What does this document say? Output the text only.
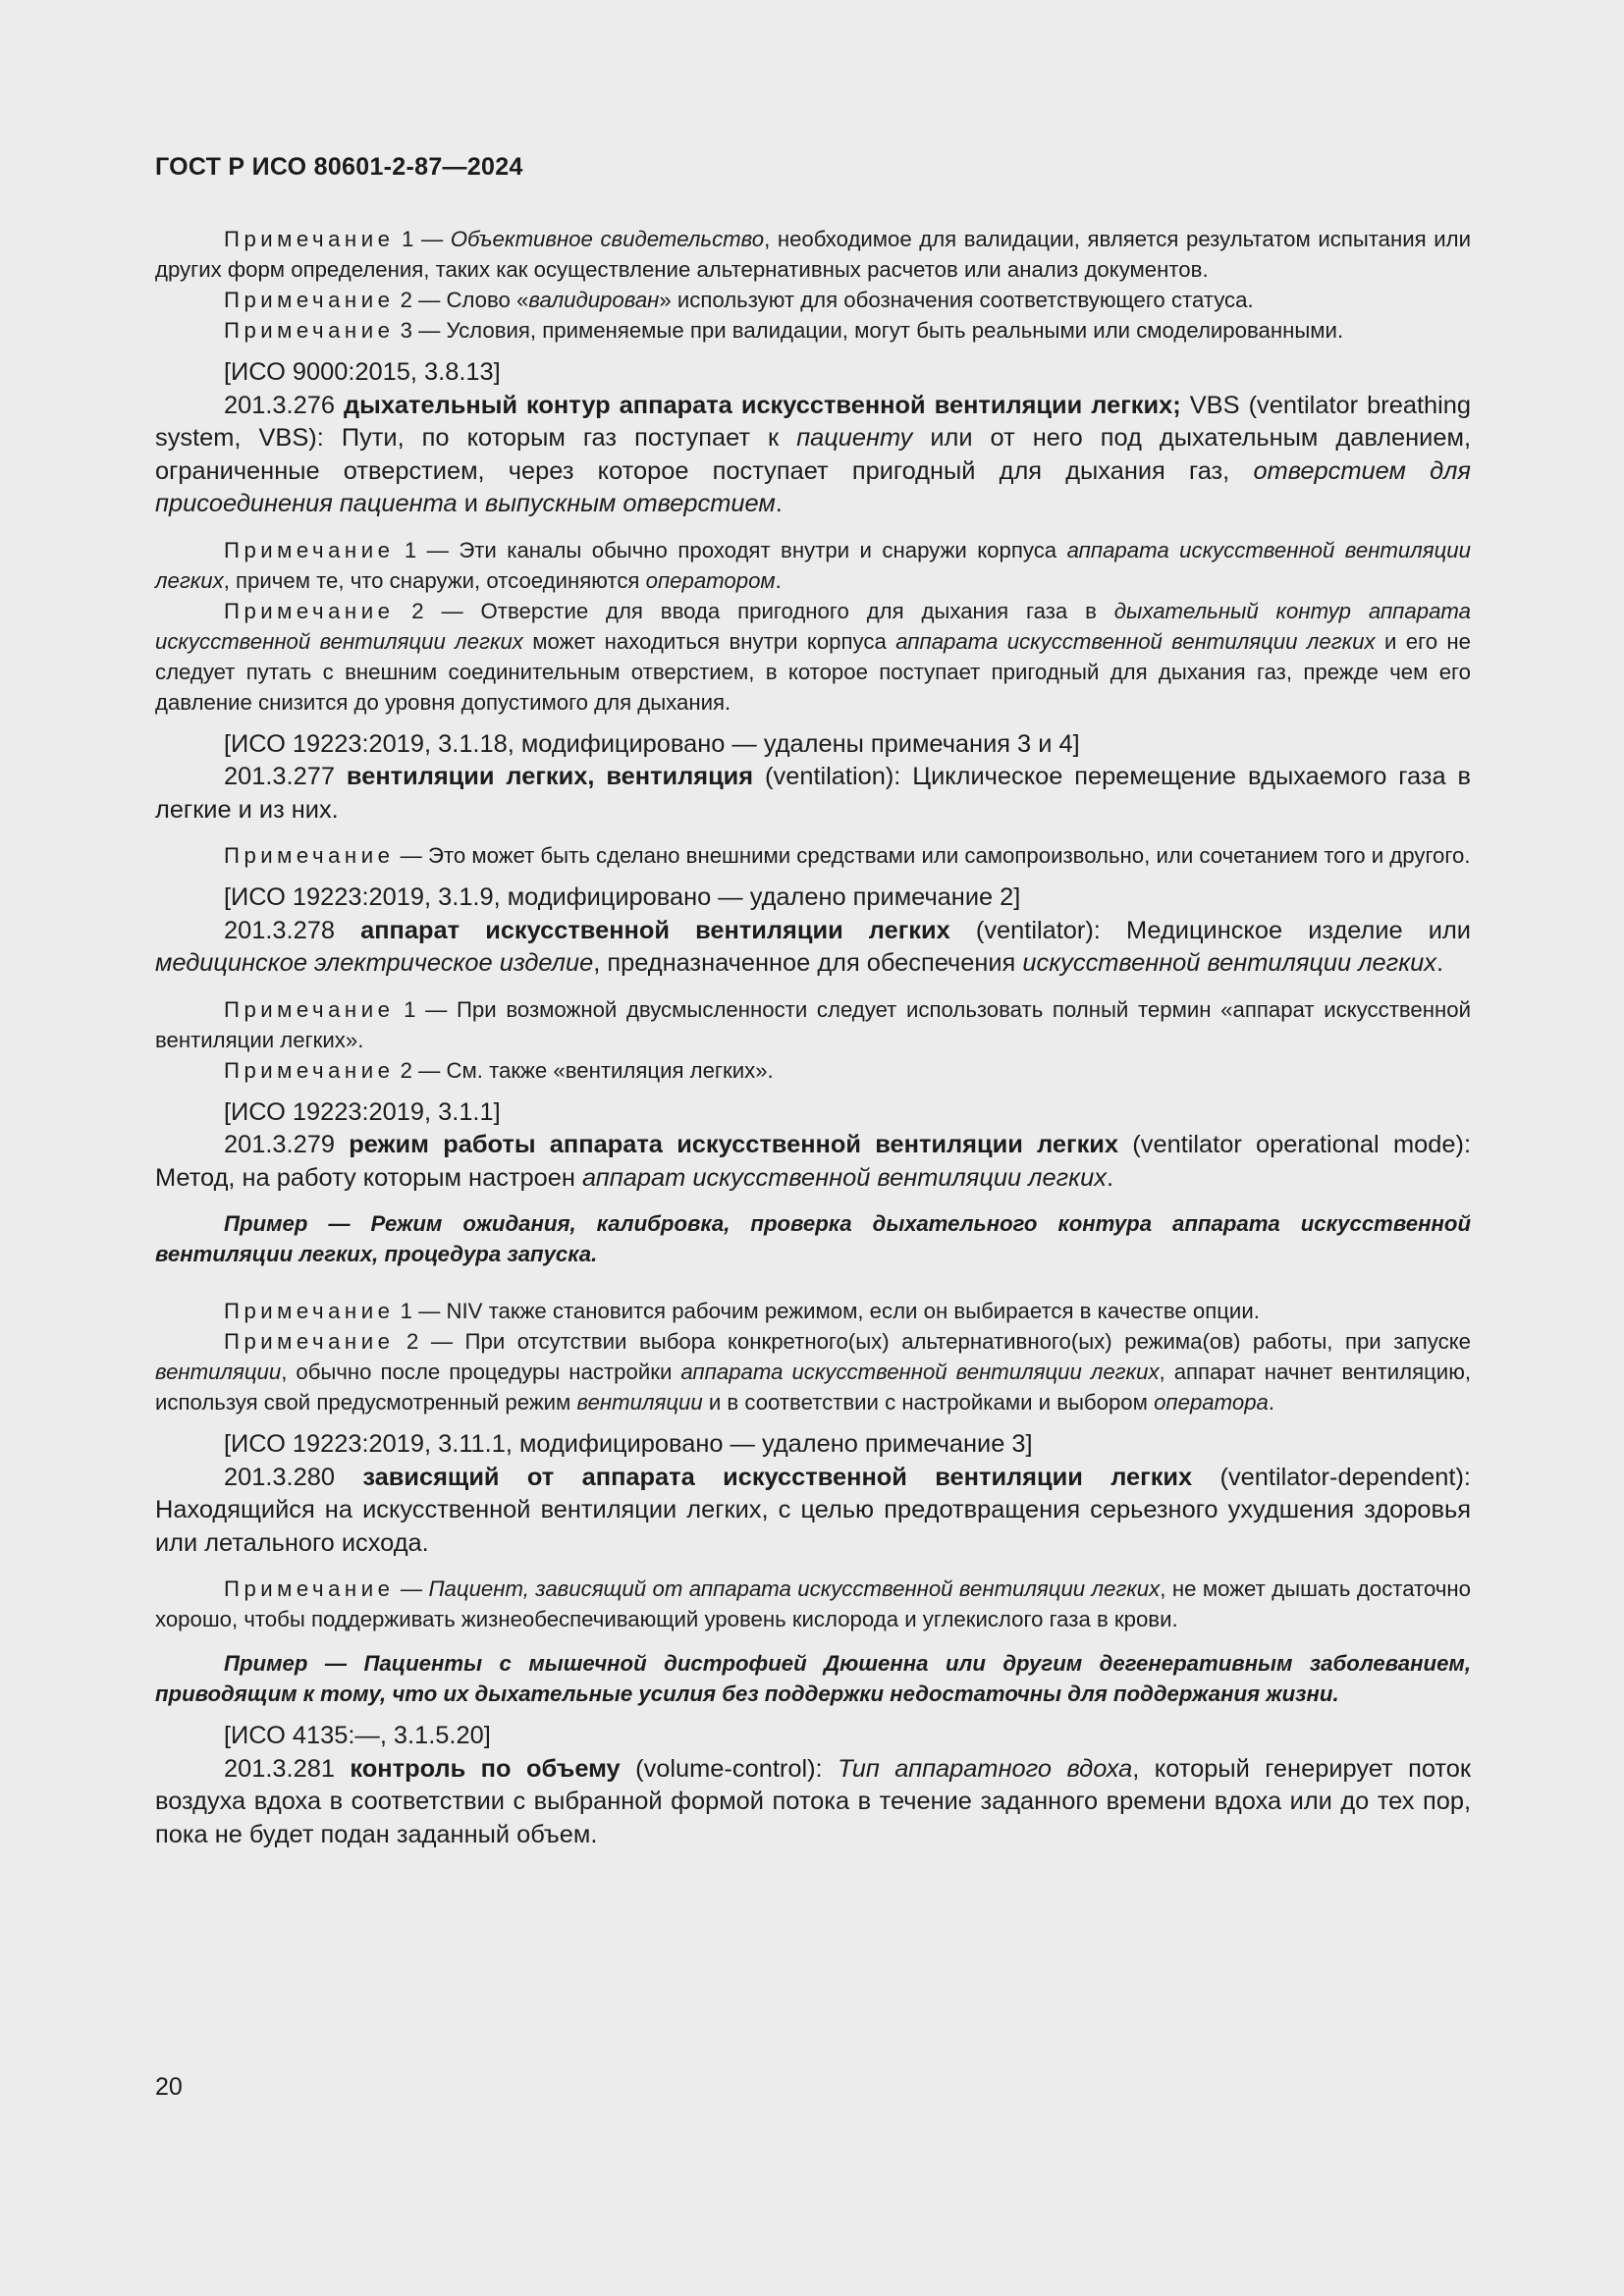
ГОСТ Р ИСО 80601-2-87—2024

Примечание 1 — Объективное свидетельство, необходимое для валидации, является результатом испытания или других форм определения, таких как осуществление альтернативных расчетов или анализ документов.

Примечание 2 — Слово «валидирован» используют для обозначения соответствующего статуса.

Примечание 3 — Условия, применяемые при валидации, могут быть реальными или смоделированными.

[ИСО 9000:2015, 3.8.13]

201.3.276 дыхательный контур аппарата искусственной вентиляции легких; VBS (ventilator breathing system, VBS): Пути, по которым газ поступает к пациенту или от него под дыхательным давлением, ограниченные отверстием, через которое поступает пригодный для дыхания газ, отверстием для присоединения пациента и выпускным отверстием.

Примечание 1 — Эти каналы обычно проходят внутри и снаружи корпуса аппарата искусственной вентиляции легких, причем те, что снаружи, отсоединяются оператором.

Примечание 2 — Отверстие для ввода пригодного для дыхания газа в дыхательный контур аппарата искусственной вентиляции легких может находиться внутри корпуса аппарата искусственной вентиляции легких и его не следует путать с внешним соединительным отверстием, в которое поступает пригодный для дыхания газ, прежде чем его давление снизится до уровня допустимого для дыхания.

[ИСО 19223:2019, 3.1.18, модифицировано — удалены примечания 3 и 4]

201.3.277 вентиляции легких, вентиляция (ventilation): Циклическое перемещение вдыхаемого газа в легкие и из них.

Примечание — Это может быть сделано внешними средствами или самопроизвольно, или сочетанием того и другого.

[ИСО 19223:2019, 3.1.9, модифицировано — удалено примечание 2]

201.3.278 аппарат искусственной вентиляции легких (ventilator): Медицинское изделие или медицинское электрическое изделие, предназначенное для обеспечения искусственной вентиляции легких.

Примечание 1 — При возможной двусмысленности следует использовать полный термин «аппарат искусственной вентиляции легких».

Примечание 2 — См. также «вентиляция легких».

[ИСО 19223:2019, 3.1.1]

201.3.279 режим работы аппарата искусственной вентиляции легких (ventilator operational mode): Метод, на работу которым настроен аппарат искусственной вентиляции легких.

Пример — Режим ожидания, калибровка, проверка дыхательного контура аппарата искусственной вентиляции легких, процедура запуска.

Примечание 1 — NIV также становится рабочим режимом, если он выбирается в качестве опции.

Примечание 2 — При отсутствии выбора конкретного(ых) альтернативного(ых) режима(ов) работы, при запуске вентиляции, обычно после процедуры настройки аппарата искусственной вентиляции легких, аппарат начнет вентиляцию, используя свой предусмотренный режим вентиляции и в соответствии с настройками и выбором оператора.

[ИСО 19223:2019, 3.11.1, модифицировано — удалено примечание 3]

201.3.280 зависящий от аппарата искусственной вентиляции легких (ventilator-dependent): Находящийся на искусственной вентиляции легких, с целью предотвращения серьезного ухудшения здоровья или летального исхода.

Примечание — Пациент, зависящий от аппарата искусственной вентиляции легких, не может дышать достаточно хорошо, чтобы поддерживать жизнеобеспечивающий уровень кислорода и углекислого газа в крови.

Пример — Пациенты с мышечной дистрофией Дюшенна или другим дегенеративным заболеванием, приводящим к тому, что их дыхательные усилия без поддержки недостаточны для поддержания жизни.

[ИСО 4135:—, 3.1.5.20]

201.3.281 контроль по объему (volume-control): Тип аппаратного вдоха, который генерирует поток воздуха вдоха в соответствии с выбранной формой потока в течение заданного времени вдоха или до тех пор, пока не будет подан заданный объем.

20
